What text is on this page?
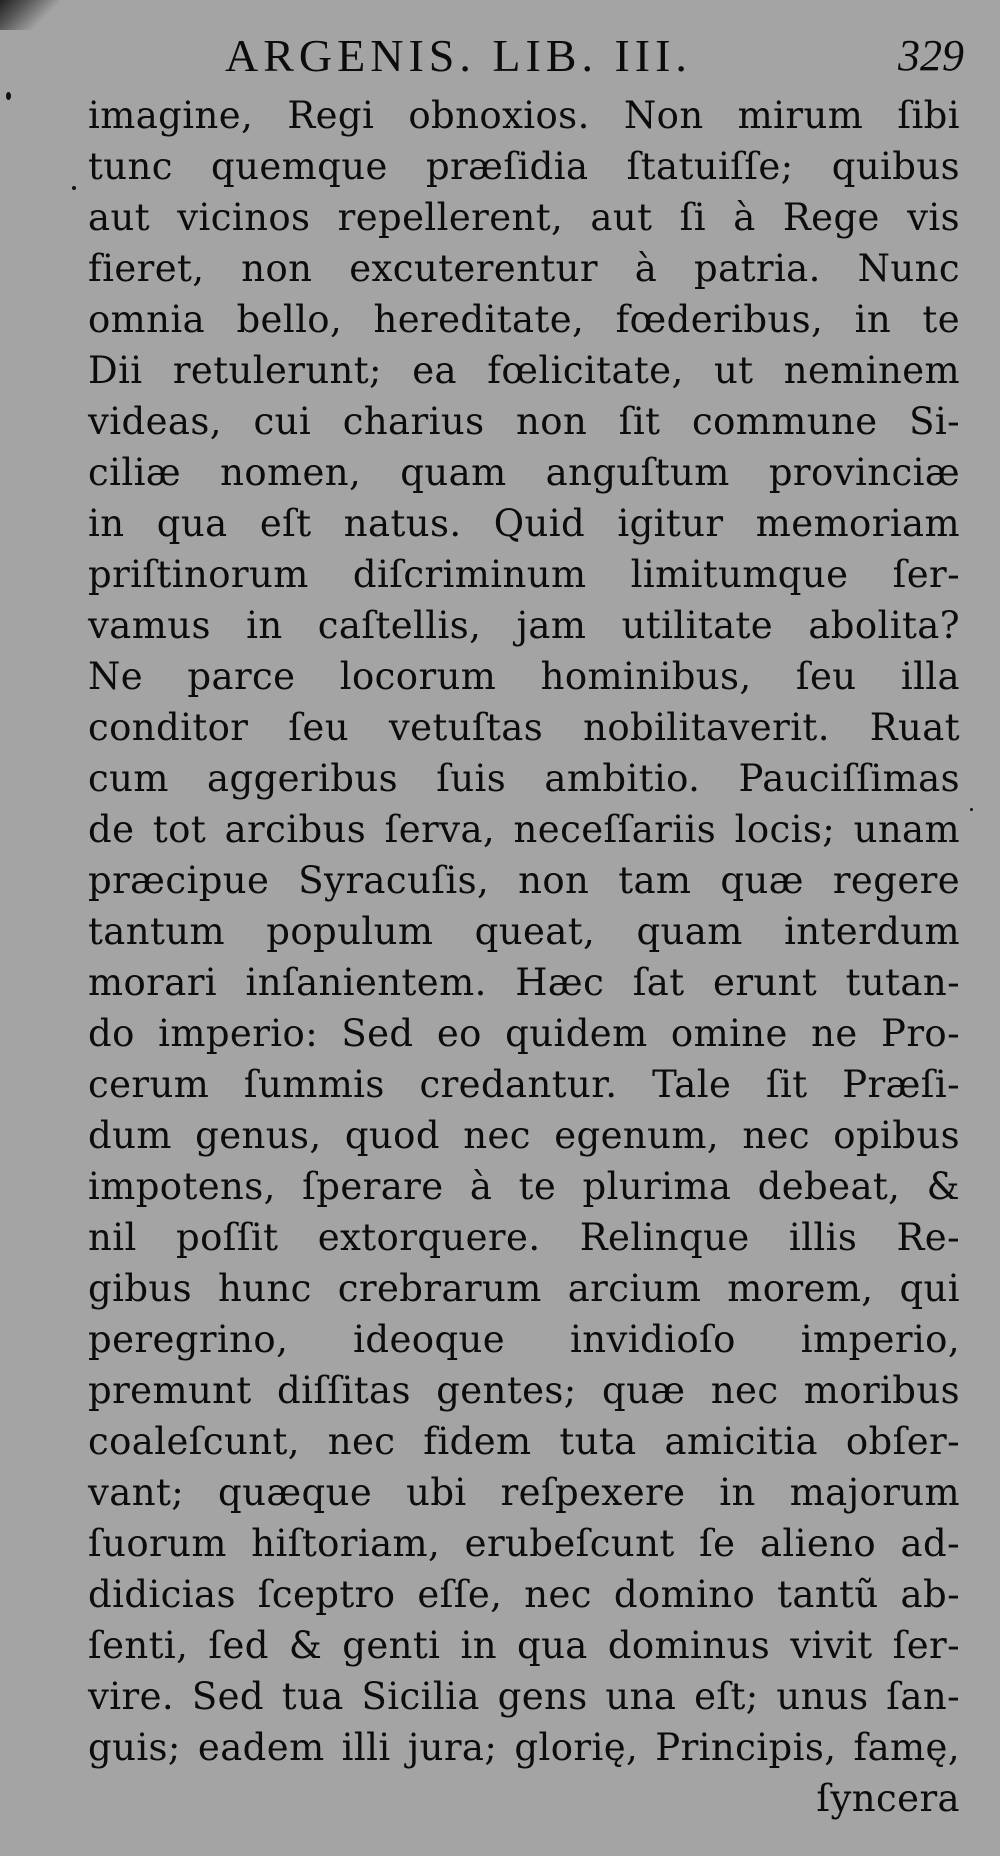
ARGENIS. LIB. III.	329
imagine, Regi obnoxios. Non mirum ſibi
tunc quemque præſidia ſtatuiſſe; quibus
aut vicinos repellerent, aut ſi à Rege vis
fieret, non excuterentur à patria. Nunc
omnia bello, hereditate, fœderibus, in te
Dii retulerunt; ea fœlicitate, ut neminem
videas, cui charius non ſit commune Si-
ciliæ nomen, quam anguſtum provinciæ
in qua eſt natus. Quid igitur memoriam
priſtinorum diſcriminum limitumque ſer-
vamus in caſtellis, jam utilitate abolita?
Ne parce locorum hominibus, ſeu illa
conditor ſeu vetuſtas nobilitaverit. Ruat
cum aggeribus ſuis ambitio. Pauciſſimas
de tot arcibus ſerva, neceſſariis locis; unam
præcipue Syracuſis, non tam quæ regere
tantum populum queat, quam interdum
morari inſanientem. Hæc ſat erunt tutan-
do imperio: Sed eo quidem omine ne Pro-
cerum ſummis credantur. Tale ſit Præſi-
dum genus, quod nec egenum, nec opibus
impotens, ſperare à te plurima debeat, &
nil poſſit extorquere. Relinque illis Re-
gibus hunc crebrarum arcium morem, qui
peregrino, ideoque invidioſo imperio,
premunt diſſitas gentes; quæ nec moribus
coaleſcunt, nec fidem tuta amicitia obſer-
vant; quæque ubi reſpexere in majorum
ſuorum hiſtoriam, erubeſcunt ſe alieno ad-
didicias ſceptro eſſe, nec domino tantũ ab-
ſenti, ſed & genti in qua dominus vivit ſer-
vire. Sed tua Sicilia gens una eſt; unus ſan-
guis; eadem illi jura; glorię, Principis, famę,
ſyncera
